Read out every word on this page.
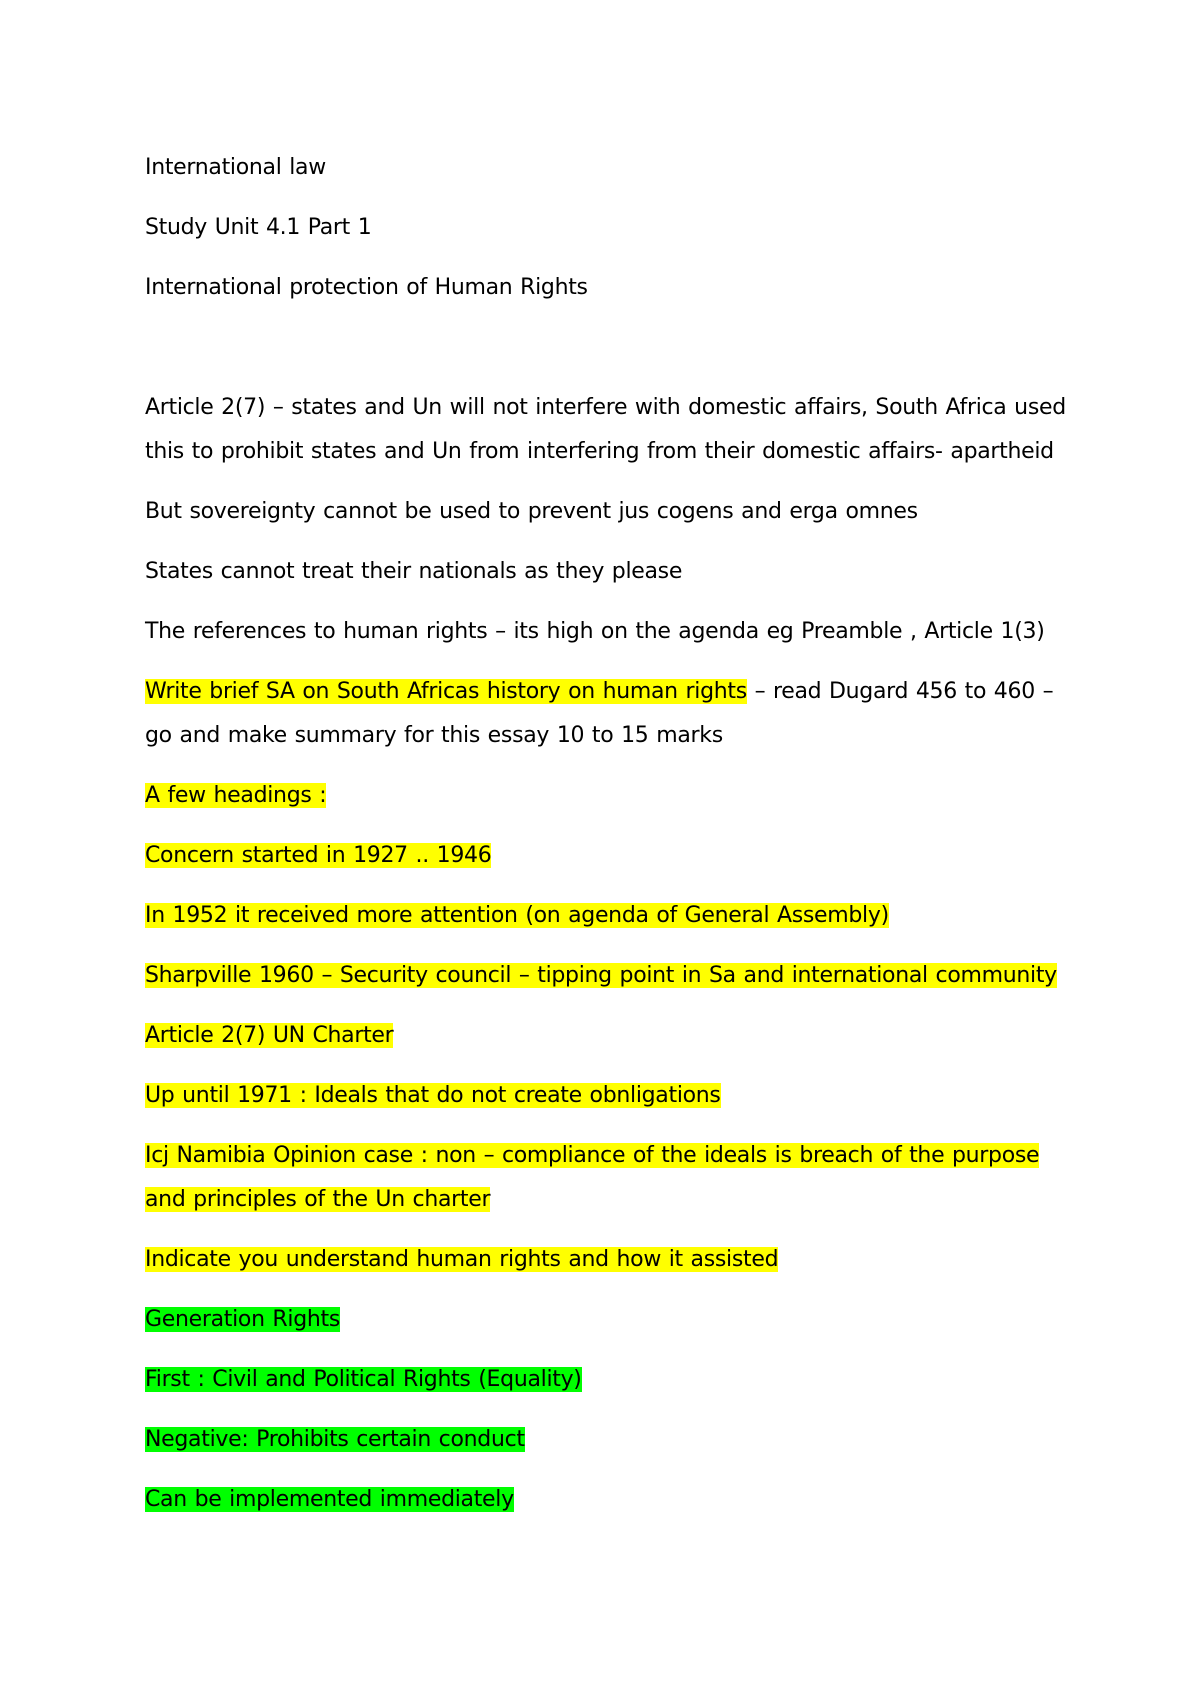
International law

Study Unit 4.1 Part 1

International protection of Human Rights

Article 2(7) – states and Un will not interfere with domestic affairs, South Africa used this to prohibit states and Un from interfering from their domestic affairs- apartheid

But sovereignty cannot be used to prevent jus cogens and erga omnes

States cannot treat their nationals as they please

The references to human rights – its high on the agenda eg Preamble , Article 1(3)

Write brief SA on South Africas history on human rights – read Dugard 456 to 460 – go and make summary for this essay 10 to 15 marks

A few headings :

Concern started in 1927 .. 1946

In 1952 it received more attention (on agenda of General Assembly)

Sharpville 1960 – Security council – tipping point in Sa and international community

Article 2(7) UN Charter

Up until 1971 : Ideals that do not create obnligations

Icj Namibia Opinion case : non – compliance of the ideals is breach of the purpose and principles of the Un charter

Indicate you understand human rights and how it assisted

Generation Rights

First : Civil and Political Rights (Equality)

Negative: Prohibits certain conduct

Can be implemented immediately
